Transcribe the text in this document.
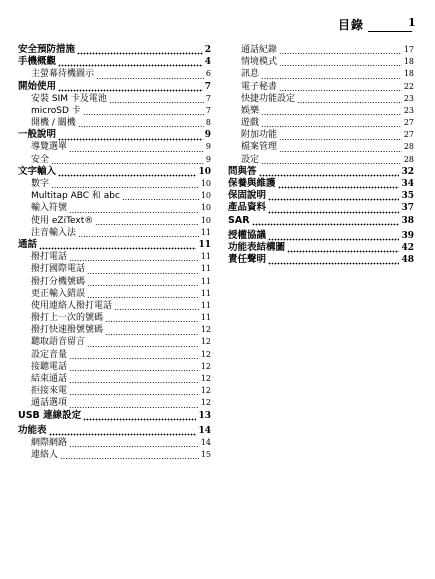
目錄	1
安全預防措施	2
手機概觀	4
主螢幕待機圖示	6
開始使用	7
安裝 SIM 卡及電池	7
microSD 卡	7
開機 / 關機	8
一般說明	9
導覽選單	9
安全	9
文字輸入	10
數字	10
Multitap ABC 和 abc	10
輸入符號	10
使用 eZiText®	10
注音輸入法	11
通話	11
撥打電話	11
撥打國際電話	11
撥打分機號碼	11
更正輸入錯誤	11
使用連絡人撥打電話	11
撥打上一次的號碼	11
撥打快速撥號號碼	12
聽取語音留言	12
設定音量	12
接聽電話	12
結束通話	12
拒接來電	12
通話選項	12
USB 連線設定	13
功能表	14
網際網路	14
連絡人	15
通話紀錄	17
情境模式	18
訊息	18
電子秘書	22
快捷功能設定	23
娛樂	23
遊戲	27
附加功能	27
檔案管理	28
設定	28
問與答	32
保養與維護	34
保固說明	35
產品資料	37
SAR	38
授權協議	39
功能表結構圖	42
責任聲明	48
